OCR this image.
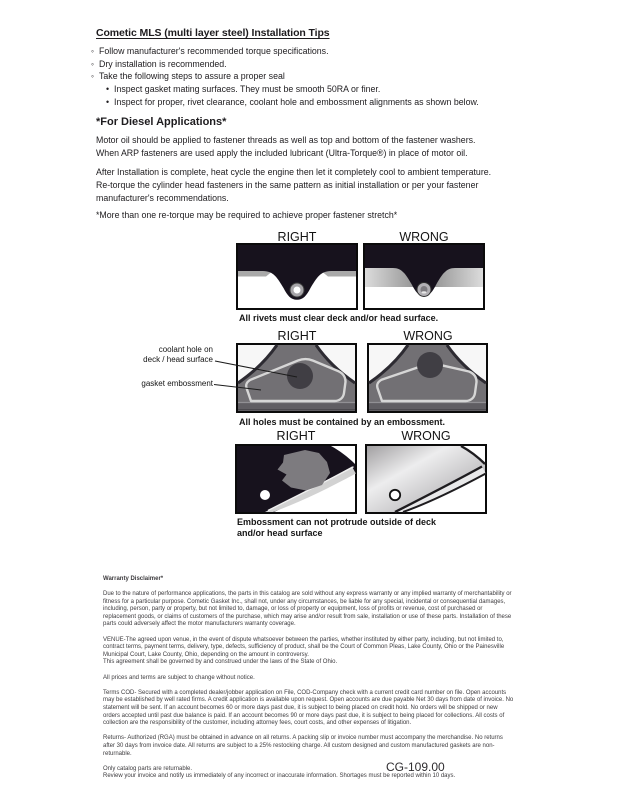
Cometic MLS (multi layer steel) Installation Tips
◦ Follow manufacturer's recommended torque specifications.
◦ Dry installation is recommended.
◦ Take the following steps to assure a proper seal
• Inspect gasket mating surfaces. They must be smooth 50RA or finer.
• Inspect for proper, rivet clearance, coolant hole and embossment alignments as shown below.
*For Diesel Applications*
Motor oil should be applied to fastener threads as well as top and bottom of the fastener washers. When ARP fasteners are used apply the included lubricant (Ultra-Torque®) in place of motor oil.
After Installation is complete, heat cycle the engine then let it completely cool to ambient temperature. Re-torque the cylinder head fasteners in the same pattern as initial installation or per your fastener manufacturer's recommendations.
*More than one re-torque may be required to achieve proper fastener stretch*
RIGHT	WRONG
All rivets must clear deck and/or head surface.
RIGHT	WRONG
All holes must be contained by an embossment.
coolant hole on
deck / head surface
gasket embossment
RIGHT	WRONG
Embossment can not protrude outside of deck
and/or head surface

Warranty Disclaimer*

Due to the nature of performance applications, the parts in this catalog are sold without any express warranty or any implied warranty of merchantability or fitness for a particular purpose. Cometic Gasket Inc., shall not, under any circumstances, be liable for any special, incidental or consequential damages, including, person, party or property, but not limited to, damage, or loss of property or equipment, loss of profits or revenue, cost of purchased or replacement goods, or claims of customers of the purchase, which may arise and/or result from sale, installation or use of these parts. Installation of these parts could adversely affect the motor manufacturers warranty coverage.

VENUE-The agreed upon venue, in the event of dispute whatsoever between the parties, whether instituted by either party, including, but not limited to, contract terms, payment terms, delivery, type, defects, sufficiency of product, shall be the Court of Common Pleas, Lake County, Ohio or the Painesville Municipal Court, Lake County, Ohio, depending on the amount in controversy.

This agreement shall be governed by and construed under the laws of the State of Ohio.

All prices and terms are subject to change without notice.

Terms COD- Secured with a completed dealer/jobber application on File, COD-Company check with a current credit card number on file. Open accounts may be established by well rated firms. A credit application is available upon request. Open accounts are due payable Net 30 days from date of invoice. No statement will be sent. If an account becomes 60 or more days past due, it is subject to being placed on credit hold. No orders will be shipped or new orders accepted until past due balance is paid. If an account becomes 90 or more days past due, it is subject to being placed for collections. All costs of collection are the responsibility of the customer, including attorney fees, court costs, and other expenses of litigation.

Returns- Authorized (RGA) must be obtained in advance on all returns. A packing slip or invoice number must accompany the merchandise. No returns after 30 days from invoice date. All returns are subject to a 25% restocking charge. All custom designed and custom manufactured gaskets are non-returnable.

Only catalog parts are returnable.

Review your invoice and notify us immediately of any incorrect or inaccurate information. Shortages must be reported within 10 days.

CG-109.00
